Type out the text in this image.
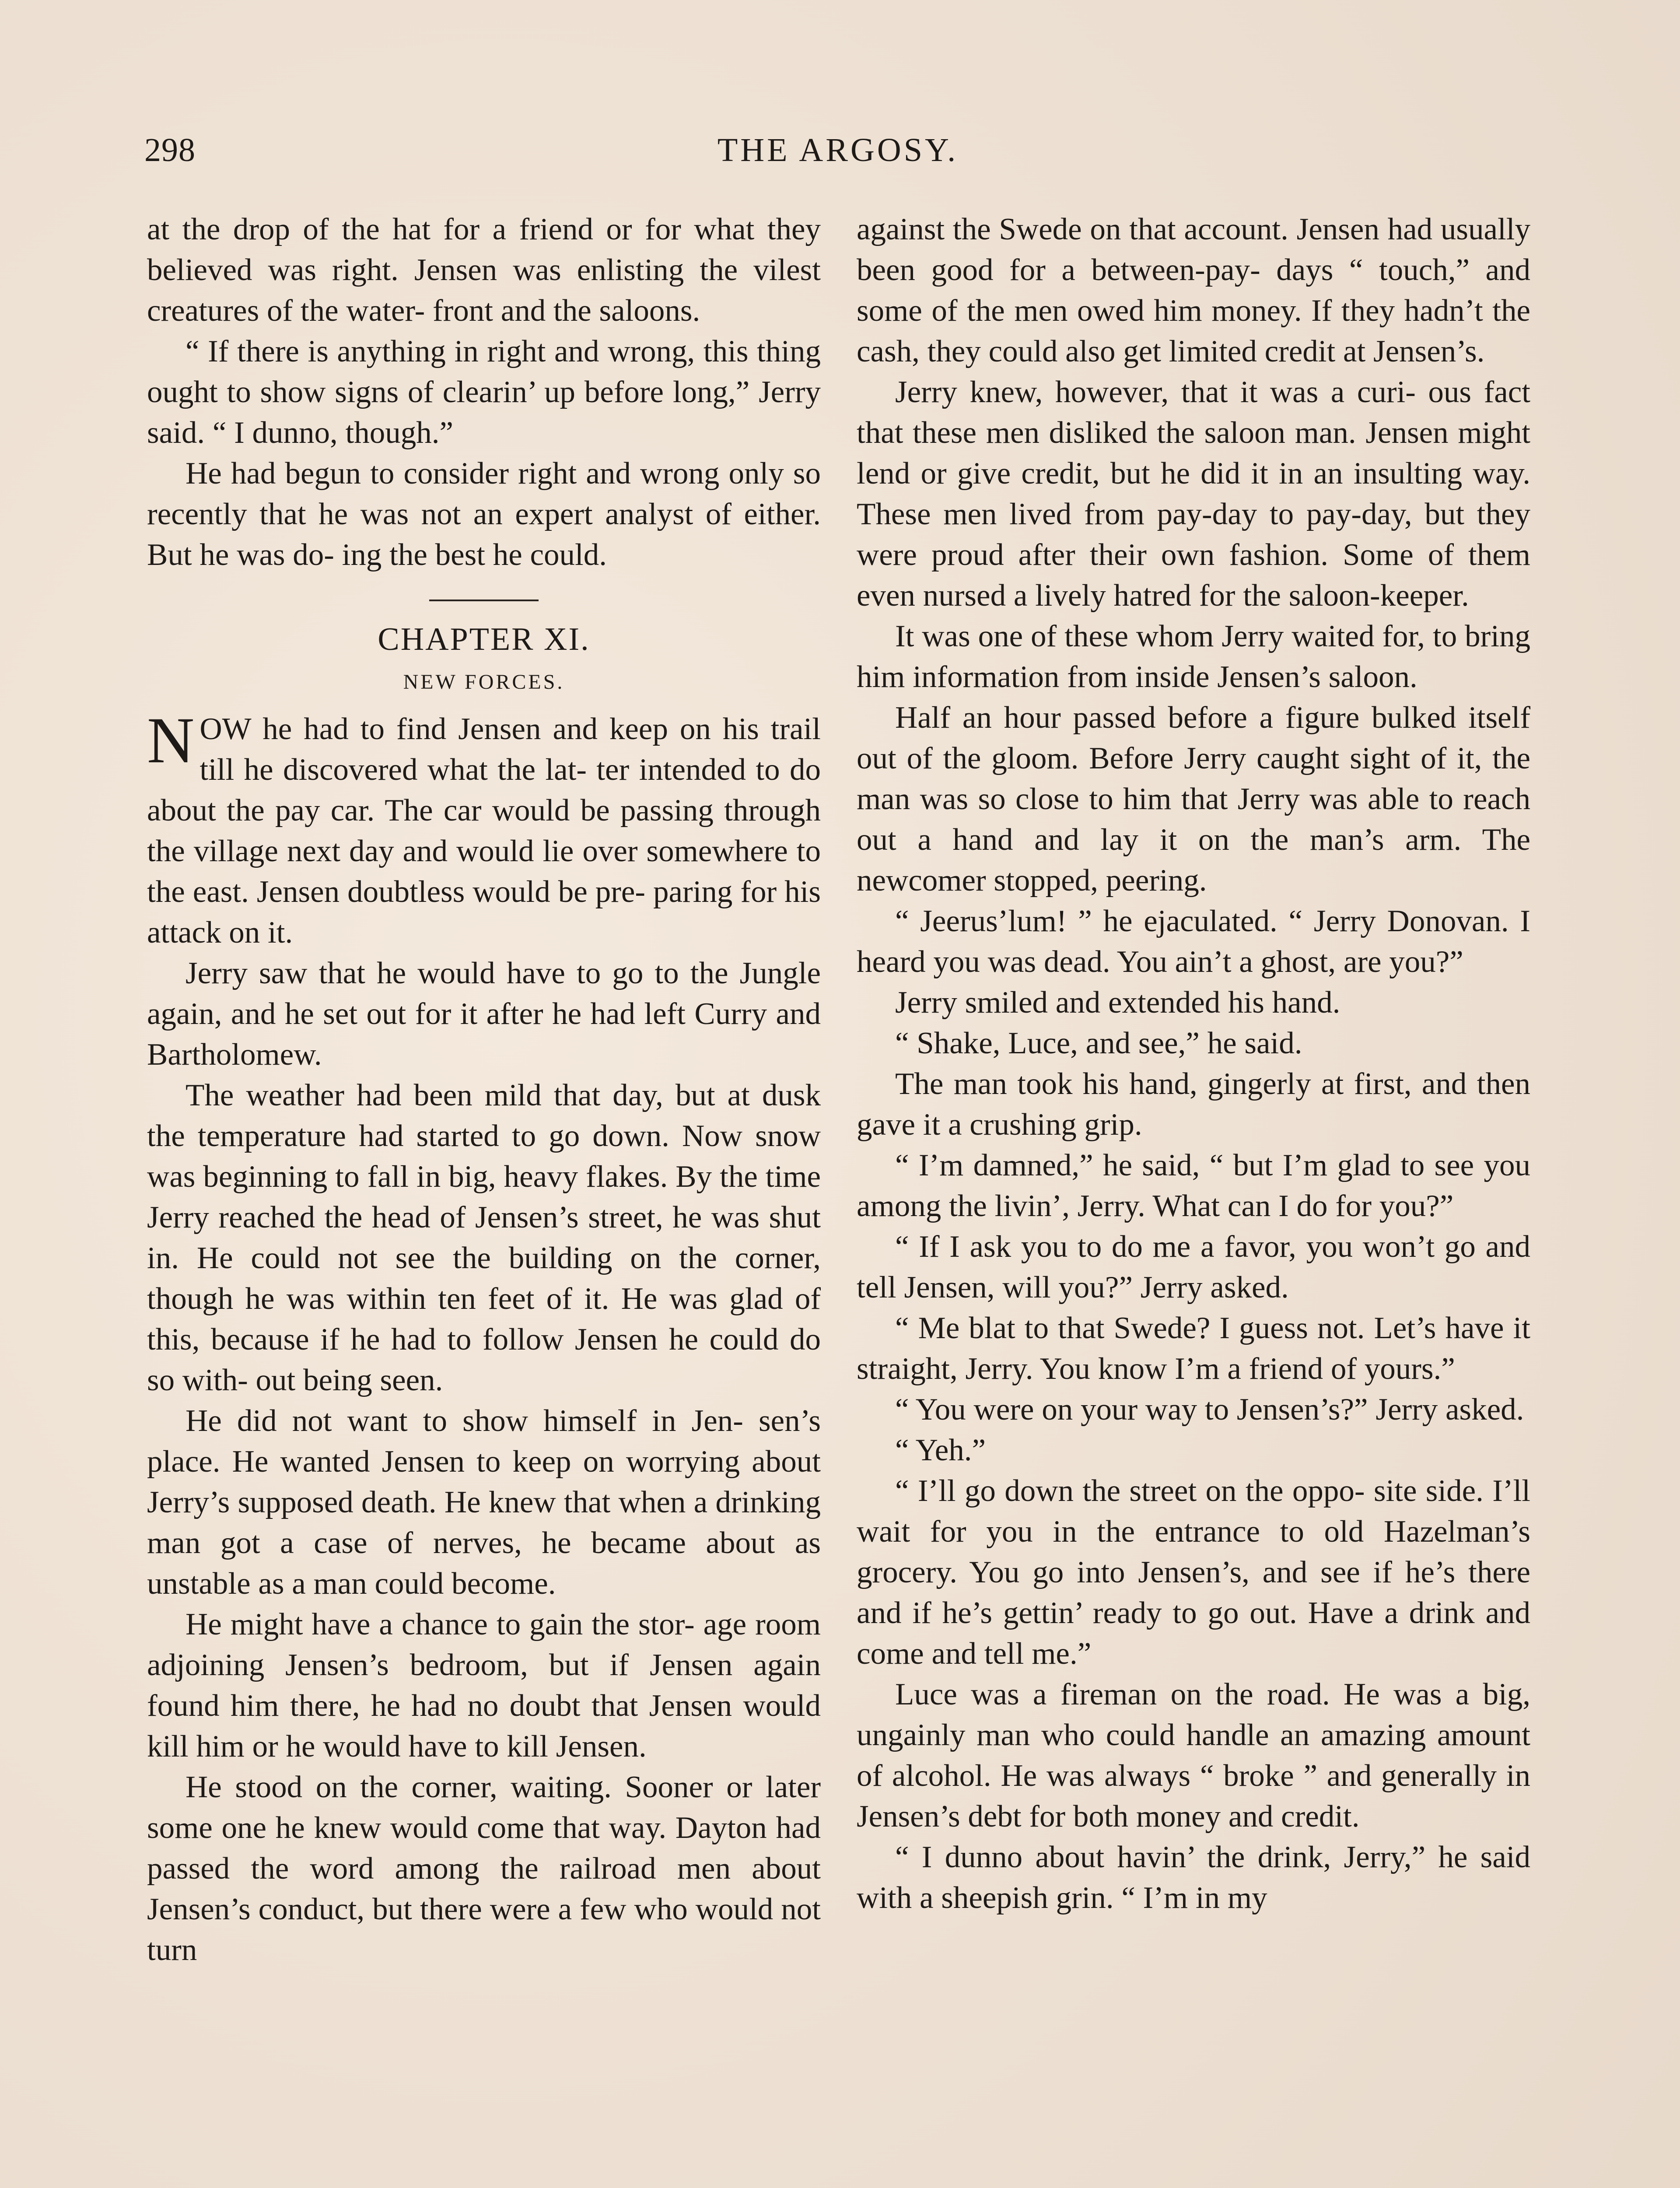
298	THE ARGOSY.

at the drop of the hat for a friend or for what they believed was right. Jensen was enlisting the vilest creatures of the water- front and the saloons.

“ If there is anything in right and wrong, this thing ought to show signs of clearin’ up before long,” Jerry said. “ I dunno, though.”

He had begun to consider right and wrong only so recently that he was not an expert analyst of either. But he was do- ing the best he could.

CHAPTER XI.
NEW FORCES.

NOW he had to find Jensen and keep on his trail till he discovered what the lat- ter intended to do about the pay car. The car would be passing through the village next day and would lie over somewhere to the east. Jensen doubtless would be pre- paring for his attack on it.

Jerry saw that he would have to go to the Jungle again, and he set out for it after he had left Curry and Bartholomew.

The weather had been mild that day, but at dusk the temperature had started to go down. Now snow was beginning to fall in big, heavy flakes. By the time Jerry reached the head of Jensen’s street, he was shut in. He could not see the building on the corner, though he was within ten feet of it. He was glad of this, because if he had to follow Jensen he could do so with- out being seen.

He did not want to show himself in Jen- sen’s place. He wanted Jensen to keep on worrying about Jerry’s supposed death. He knew that when a drinking man got a case of nerves, he became about as unstable as a man could become.

He might have a chance to gain the stor- age room adjoining Jensen’s bedroom, but if Jensen again found him there, he had no doubt that Jensen would kill him or he would have to kill Jensen.

He stood on the corner, waiting. Sooner or later some one he knew would come that way. Dayton had passed the word among the railroad men about Jensen’s conduct, but there were a few who would not turn

against the Swede on that account. Jensen had usually been good for a between-pay- days “ touch,” and some of the men owed him money. If they hadn’t the cash, they could also get limited credit at Jensen’s.

Jerry knew, however, that it was a curi- ous fact that these men disliked the saloon man. Jensen might lend or give credit, but he did it in an insulting way. These men lived from pay-day to pay-day, but they were proud after their own fashion. Some of them even nursed a lively hatred for the saloon-keeper.

It was one of these whom Jerry waited for, to bring him information from inside Jensen’s saloon.

Half an hour passed before a figure bulked itself out of the gloom. Before Jerry caught sight of it, the man was so close to him that Jerry was able to reach out a hand and lay it on the man’s arm. The newcomer stopped, peering.

“ Jeerus’lum! ” he ejaculated. “ Jerry Donovan. I heard you was dead. You ain’t a ghost, are you?”

Jerry smiled and extended his hand.

“ Shake, Luce, and see,” he said.

The man took his hand, gingerly at first, and then gave it a crushing grip.

“ I’m damned,” he said, “ but I’m glad to see you among the livin’, Jerry. What can I do for you?”

“ If I ask you to do me a favor, you won’t go and tell Jensen, will you?” Jerry asked.

“ Me blat to that Swede? I guess not. Let’s have it straight, Jerry. You know I’m a friend of yours.”

“ You were on your way to Jensen’s?” Jerry asked.

“ Yeh.”

“ I’ll go down the street on the oppo- site side. I’ll wait for you in the entrance to old Hazelman’s grocery. You go into Jensen’s, and see if he’s there and if he’s gettin’ ready to go out. Have a drink and come and tell me.”

Luce was a fireman on the road. He was a big, ungainly man who could handle an amazing amount of alcohol. He was always “ broke ” and generally in Jensen’s debt for both money and credit.

“ I dunno about havin’ the drink, Jerry,” he said with a sheepish grin. “ I’m in my
